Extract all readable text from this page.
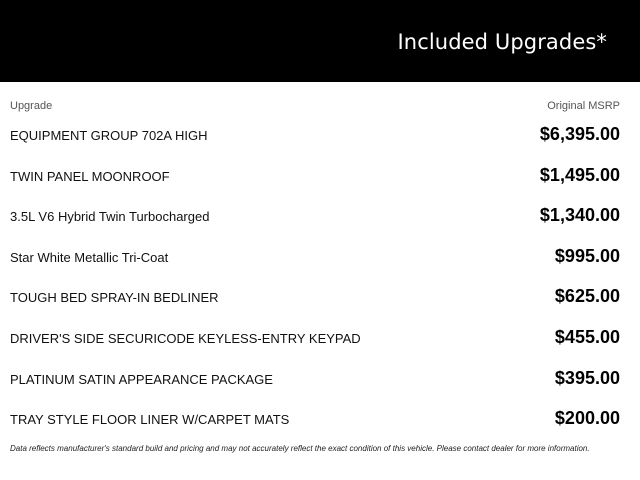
Included Upgrades*
Upgrade	Original MSRP
EQUIPMENT GROUP 702A HIGH	$6,395.00
TWIN PANEL MOONROOF	$1,495.00
3.5L V6 Hybrid Twin Turbocharged	$1,340.00
Star White Metallic Tri-Coat	$995.00
TOUGH BED SPRAY-IN BEDLINER	$625.00
DRIVER'S SIDE SECURICODE KEYLESS-ENTRY KEYPAD	$455.00
PLATINUM SATIN APPEARANCE PACKAGE	$395.00
TRAY STYLE FLOOR LINER W/CARPET MATS	$200.00
Data reflects manufacturer's standard build and pricing and may not accurately reflect the exact condition of this vehicle. Please contact dealer for more information.
